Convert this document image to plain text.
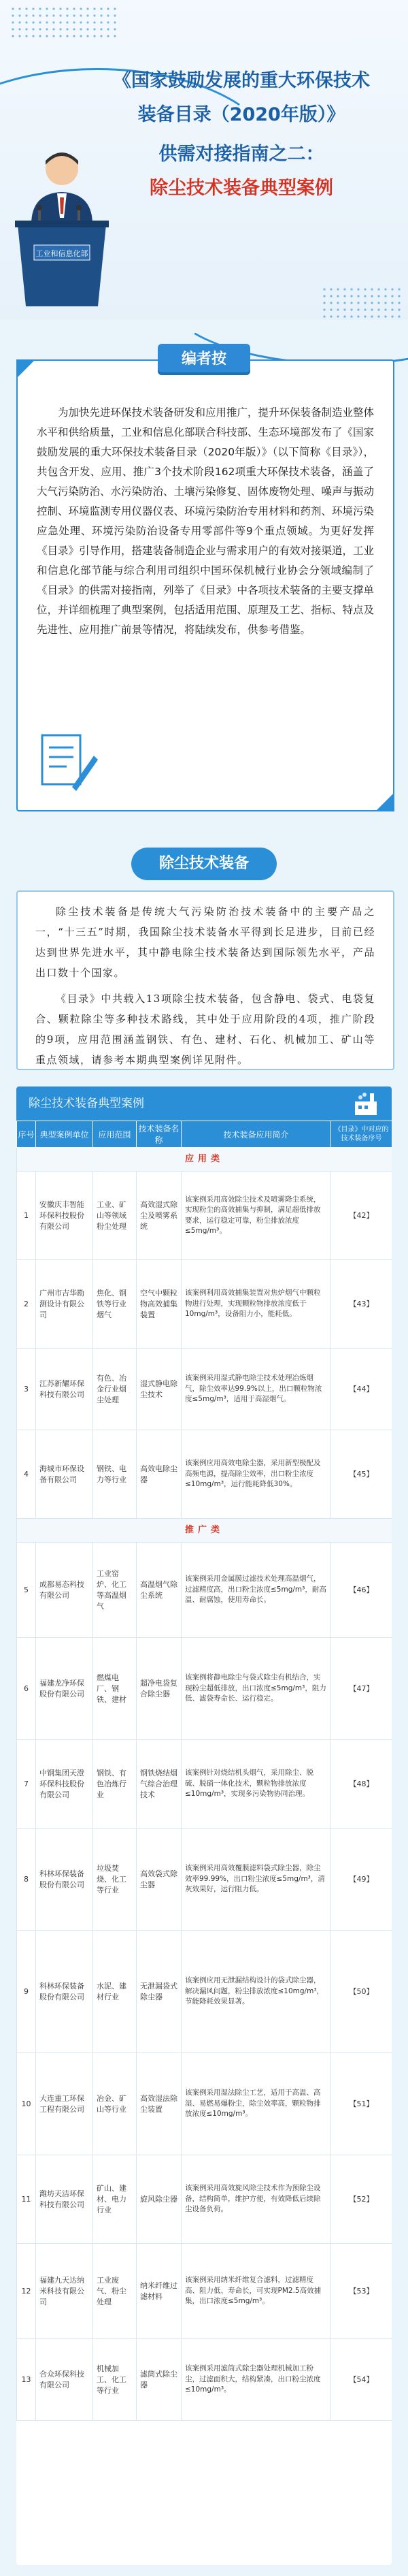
《国家鼓励发展的重大环保技术
装备目录（2020年版）》
供需对接指南之二：
除尘技术装备典型案例
工业和信息化部

为加快先进环保技术装备研发和应用推广，提升环保装备制造业整体水平和供给质量，工业和信息化部联合科技部、生态环境部发布了《国家鼓励发展的重大环保技术装备目录（2020年版）》（以下简称《目录》），共包含开发、应用、推广3个技术阶段162项重大环保技术装备，涵盖了大气污染防治、水污染防治、土壤污染修复、固体废物处理、噪声与振动控制、环境监测专用仪器仪表、环境污染防治专用材料和药剂、环境污染应急处理、环境污染防治设备专用零部件等9个重点领域。为更好发挥《目录》引导作用，搭建装备制造企业与需求用户的有效对接渠道，工业和信息化部节能与综合利用司组织中国环保机械行业协会分领域编制了《目录》的供需对接指南，列举了《目录》中各项技术装备的主要支撑单位，并详细梳理了典型案例，包括适用范围、原理及工艺、指标、特点及先进性、应用推广前景等情况，将陆续发布，供参考借鉴。

编者按
除尘技术装备

除尘技术装备是传统大气污染防治技术装备中的主要产品之一，“十三五”时期，我国除尘技术装备水平得到长足进步，目前已经达到世界先进水平，其中静电除尘技术装备达到国际领先水平，产品出口数十个国家。

《目录》中共载入13项除尘技术装备，包含静电、袋式、电袋复合、颗粒除尘等多种技术路线，其中处于应用阶段的4项，推广阶段的9项，应用范围涵盖钢铁、有色、建材、石化、机械加工、矿山等重点领域，请参考本期典型案例详见附件。

除尘技术装备典型案例
序号	典型案例单位	应用范围	技术装备名称	技术装备应用简介	《目录》中对应的技术装备序号
应用类					
1	安徽庆丰智能环保科技股份有限公司	工业、矿山等领域粉尘处理	高效湿式除尘及喷雾系统	该案例采用高效除尘技术及喷雾降尘系统，实现粉尘的高效捕集与抑制，满足超低排放要求，运行稳定可靠，粉尘排放浓度≤5mg/m³。	【42】
2	广州市吉华勘测设计有限公司	焦化、钢铁等行业烟气	空气中颗粒物高效捕集装置	该案例利用高效捕集装置对焦炉烟气中颗粒物进行处理，实现颗粒物排放浓度低于10mg/m³，设备阻力小，能耗低。	【43】
3	江苏新耀环保科技有限公司	有色、冶金行业烟尘处理	湿式静电除尘技术	该案例采用湿式静电除尘技术处理冶炼烟气，除尘效率达99.9%以上，出口颗粒物浓度≤5mg/m³，适用于高湿烟气。	【44】
4	海城市环保设备有限公司	钢铁、电力等行业	高效电除尘器	该案例应用高效电除尘器，采用新型极配及高频电源，提高除尘效率，出口粉尘浓度≤10mg/m³，运行能耗降低30%。	【45】
推广类					
5	成都易态科技有限公司	工业窑炉、化工等高温烟气	高温烟气除尘系统	该案例采用金属膜过滤技术处理高温烟气，过滤精度高，出口粉尘浓度≤5mg/m³，耐高温、耐腐蚀，使用寿命长。	【46】
6	福建龙净环保股份有限公司	燃煤电厂、钢铁、建材	超净电袋复合除尘器	该案例将静电除尘与袋式除尘有机结合，实现粉尘超低排放，出口浓度≤5mg/m³，阻力低、滤袋寿命长、运行稳定。	【47】
7	中钢集团天澄环保科技股份有限公司	钢铁、有色冶炼行业	钢铁烧结烟气综合治理技术	该案例针对烧结机头烟气，采用除尘、脱硫、脱硝一体化技术，颗粒物排放浓度≤10mg/m³，实现多污染物协同治理。	【48】
8	科林环保装备股份有限公司	垃圾焚烧、化工等行业	高效袋式除尘器	该案例采用高效覆膜滤料袋式除尘器，除尘效率99.99%，出口粉尘浓度≤5mg/m³，清灰效果好，运行阻力低。	【49】
9	科林环保装备股份有限公司	水泥、建材行业	无泄漏袋式除尘器	该案例应用无泄漏结构设计的袋式除尘器，解决漏风问题，粉尘排放浓度≤10mg/m³，节能降耗效果显著。	【50】
10	大连重工环保工程有限公司	冶金、矿山等行业	高效湿法除尘装置	该案例采用湿法除尘工艺，适用于高温、高湿、易燃易爆粉尘，除尘效率高，颗粒物排放浓度≤10mg/m³。	【51】
11	潍坊天洁环保科技有限公司	矿山、建材、电力行业	旋风除尘器	该案例采用高效旋风除尘技术作为预除尘设备，结构简单，维护方便，有效降低后续除尘设备负荷。	【52】
12	福建九天达纳米科技有限公司	工业废气、粉尘处理	纳米纤维过滤材料	该案例采用纳米纤维复合滤料，过滤精度高、阻力低、寿命长，可实现PM2.5高效捕集，出口浓度≤5mg/m³。	【53】
13	合众环保科技有限公司	机械加工、化工等行业	滤筒式除尘器	该案例采用滤筒式除尘器处理机械加工粉尘，过滤面积大，结构紧凑，出口粉尘浓度≤10mg/m³。	【54】
